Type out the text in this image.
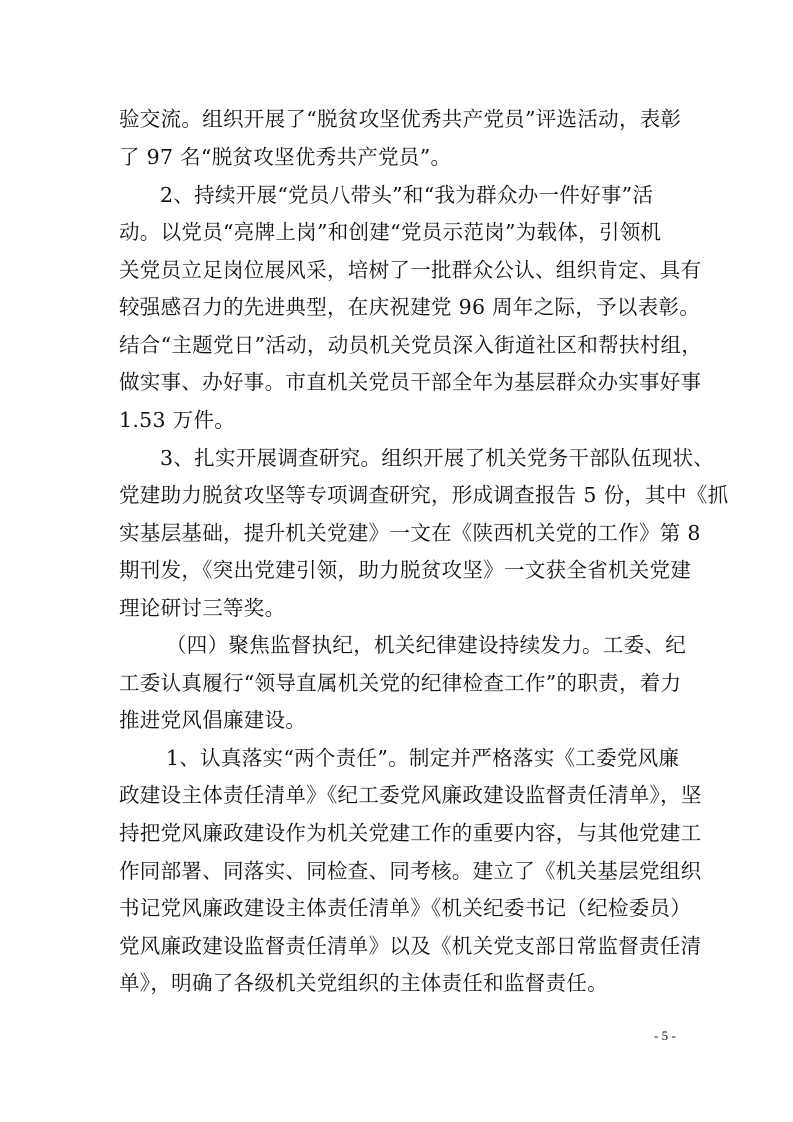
验交流。组织开展了“脱贫攻坚优秀共产党员”评选活动，表彰
了 97 名“脱贫攻坚优秀共产党员”。
2、持续开展“党员八带头”和“我为群众办一件好事”活
动。以党员“亮牌上岗”和创建“党员示范岗”为载体，引领机
关党员立足岗位展风采，培树了一批群众公认、组织肯定、具有
较强感召力的先进典型，在庆祝建党 96 周年之际，予以表彰。
结合“主题党日”活动，动员机关党员深入街道社区和帮扶村组，
做实事、办好事。市直机关党员干部全年为基层群众办实事好事
1.53 万件。
3、扎实开展调查研究。组织开展了机关党务干部队伍现状、
党建助力脱贫攻坚等专项调查研究，形成调查报告 5 份，其中《抓
实基层基础，提升机关党建》一文在《陕西机关党的工作》第 8
期刊发，《突出党建引领，助力脱贫攻坚》一文获全省机关党建
理论研讨三等奖。
（四）聚焦监督执纪，机关纪律建设持续发力。工委、纪
工委认真履行“领导直属机关党的纪律检查工作”的职责，着力
推进党风倡廉建设。
1、认真落实“两个责任”。制定并严格落实《工委党风廉
政建设主体责任清单》《纪工委党风廉政建设监督责任清单》，坚
持把党风廉政建设作为机关党建工作的重要内容，与其他党建工
作同部署、同落实、同检查、同考核。建立了《机关基层党组织
书记党风廉政建设主体责任清单》《机关纪委书记（纪检委员）
党风廉政建设监督责任清单》以及《机关党支部日常监督责任清
单》，明确了各级机关党组织的主体责任和监督责任。
- 5 -
